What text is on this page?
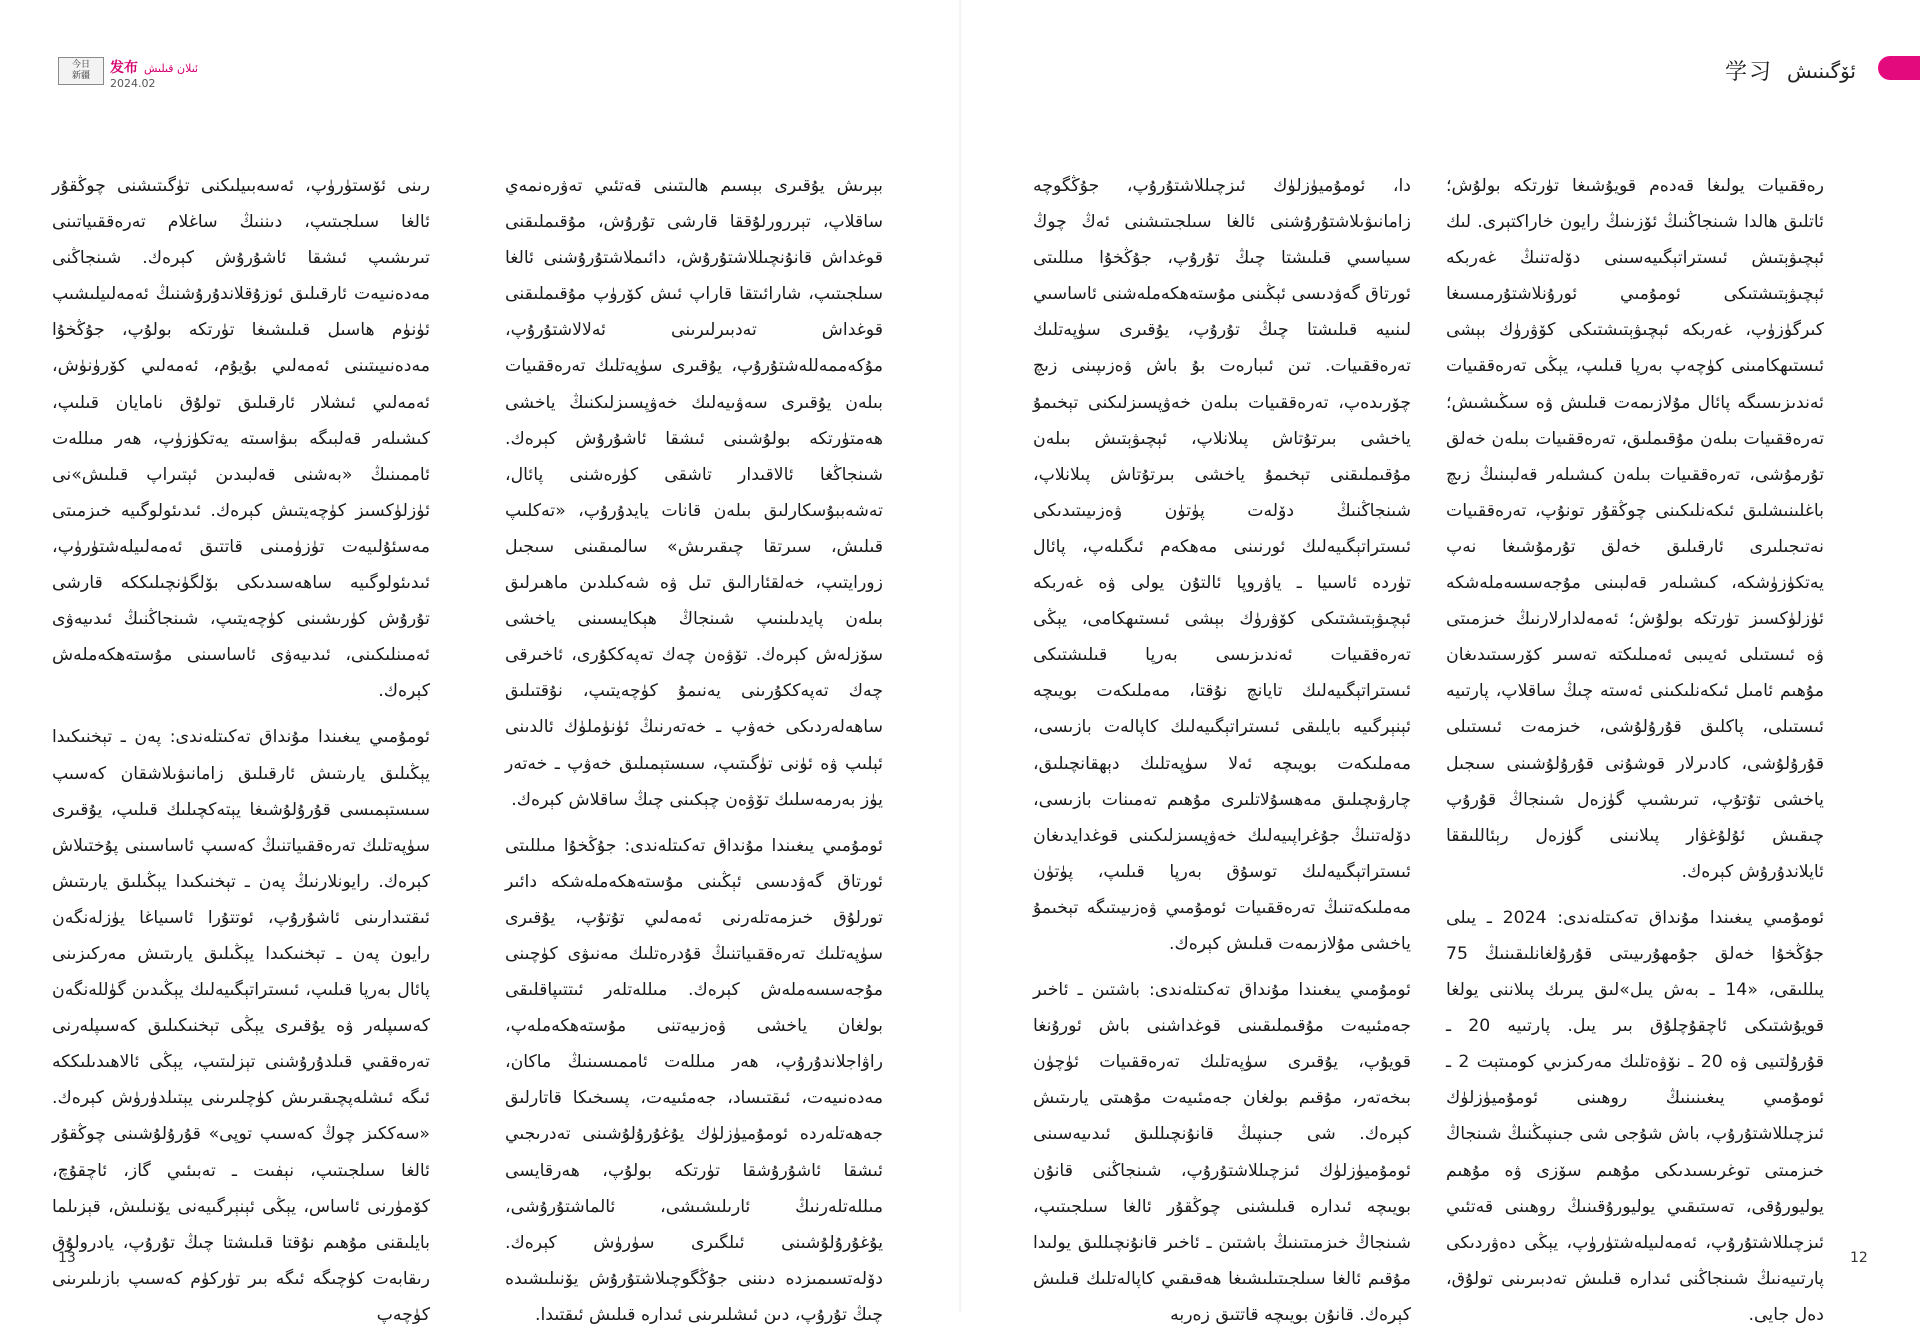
今日
新疆 发布 ئىلان قىلىش
2024.02

رىنى ئۆستۈرۈپ، ئەسەبىيلىكنى تۈگىتىشنى چوڭقۇر ئالغا سىلجىتىپ، دىننىڭ ساغلام تەرەققىياتىنى تىرىشىپ ئىشقا ئاشۇرۇش كېرەك. شىنجاڭنى مەدەنىيەت ئارقىلىق ئوزۇقلاندۇرۇشنىڭ ئەمەلىيلىشىپ ئۈنۈم ھاسىل قىلىشىغا تۈرتكە بولۇپ، جۇڭخۇا مەدەنىيىتىنى ئەمەلىي بۇيۇم، ئەمەلىي كۆرۈنۈش، ئەمەلىي ئىشلار ئارقىلىق تولۇق نامايان قىلىپ، كىشىلەر قەلبىگە بىۋاسىتە يەتكۈزۈپ، ھەر مىللەت ئاممىنىڭ «بەشنى قەلبىدىن ئېتىراپ قىلىش»نى ئۈزلۈكسىز كۈچەيتىش كېرەك. ئىدىئولوگىيە خىزمىتى مەسئۇلىيەت تۈزۈمىنى قاتتىق ئەمەلىيلەشتۈرۈپ، ئىدىئولوگىيە ساھەسىدىكى بۆلگۈنچىلىككە قارشى تۇرۇش كۈرىشىنى كۈچەيتىپ، شىنجاڭنىڭ ئىدىيەۋى ئەمىنلىكىنى، ئىدىيەۋى ئاساسىنى مۇستەھكەملەش كېرەك.

ئومۇمىي يىغىندا مۇنداق تەكىتلەندى: پەن ـ تېخنىكىدا يېڭىلىق يارىتىش ئارقىلىق زامانىۋىلاشقان كەسىپ سىستېمىسى قۇرۇلۇشىغا يېتەكچىلىك قىلىپ، يۇقىرى سۈپەتلىك تەرەققىياتنىڭ كەسىپ ئاساسىنى پۇختىلاش كېرەك. رايونلارنىڭ پەن ـ تېخنىكىدا يېڭىلىق يارىتىش ئىقتىدارىنى ئاشۇرۇپ، ئوتتۇرا ئاسىياغا يۈزلەنگەن رايون پەن ـ تېخنىكىدا يېڭىلىق يارىتىش مەركىزىنى پائال بەرپا قىلىپ، ئىستراتېگىيەلىك يېڭىدىن گۈللەنگەن كەسىپلەر ۋە يۇقىرى يېڭى تېخنىكىلىق كەسىپلەرنى تەرەققىي قىلدۇرۇشنى تېزلىتىپ، يېڭى ئالاھىدىلىككە ئىگە ئىشلەپچىقىرىش كۈچلىرىنى يېتىلدۈرۈش كېرەك. «سەككىز چوڭ كەسىپ توپى» قۇرۇلۇشىنى چوڭقۇر ئالغا سىلجىتىپ، نېفىت ـ تەبىئىي گاز، ئاچقۇچ، كۆمۈرنى ئاساس، يېڭى ئېنېرگىيەنى يۆنىلىش، قېزىلما بايلىقنى مۇھىم نۇقتا قىلىشتا چىڭ تۇرۇپ، يادرولۇق رىقابەت كۈچىگە ئىگە بىر تۈركۈم كەسىپ بازىلىرىنى كۈچەپ

بېرىش يۇقىرى بېسىم ھالىتىنى قەتئىي تەۋرەنمەي ساقلاپ، تېررورلۇققا قارشى تۇرۇش، مۇقىملىقنى قوغداش قانۇنچىللاشتۇرۇش، دائىملاشتۇرۇشنى ئالغا سىلجىتىپ، شارائىتقا قاراپ ئىش كۆرۈپ مۇقىملىقنى قوغداش تەدبىرلىرىنى ئەلالاشتۇرۇپ، مۇكەممەللەشتۇرۇپ، يۇقىرى سۈپەتلىك تەرەققىيات بىلەن يۇقىرى سەۋىيەلىك خەۋپسىزلىكنىڭ ياخشى ھەمتۈرتكە بولۇشىنى ئىشقا ئاشۇرۇش كېرەك. شىنجاڭغا ئالاقىدار تاشقى كۈرەشنى پائال، تەشەببۇسكارلىق بىلەن قانات يايدۇرۇپ، «تەكلىپ قىلىش، سىرتقا چىقىرىش» سالمىقىنى سىجىل زورايتىپ، خەلقئارالىق تىل ۋە شەكىلدىن ماھىرلىق بىلەن پايدىلىنىپ شىنجاڭ ھېكايىسىنى ياخشى سۆزلەش كېرەك. تۆۋەن چەك تەپەككۇرى، ئاخىرقى چەك تەپەككۇرىنى يەنىمۇ كۈچەيتىپ، نۇقتىلىق ساھەلەردىكى خەۋپ ـ خەتەرنىڭ ئۈنۈملۈك ئالدىنى ئېلىپ ۋە ئۈنى تۈگىتىپ، سىستېمىلىق خەۋپ ـ خەتەر يۈز بەرمەسلىك تۆۋەن چېكىنى چىڭ ساقلاش كېرەك.

ئومۇمىي يىغىندا مۇنداق تەكىتلەندى: جۇڭخۇا مىللىتى ئورتاق گەۋدىسى ئېڭىنى مۇستەھكەملەشكە دائىر تورلۇق خىزمەتلەرنى ئەمەلىي تۇتۇپ، يۇقىرى سۈپەتلىك تەرەققىياتنىڭ قۇدرەتلىك مەنىۋى كۈچىنى مۇجەسسەملەش كېرەك. مىللەتلەر ئىتتىپاقلىقى بولغان ياخشى ۋەزىيەتنى مۇستەھكەملەپ، راۋاجلاندۇرۇپ، ھەر مىللەت ئاممىسىنىڭ ماكان، مەدەنىيەت، ئىقتىساد، جەمئىيەت، پسىخىكا قاتارلىق جەھەتلەردە ئومۇميۈزلۈك يۇغۇرۇلۇشىنى تەدرىجىي ئىشقا ئاشۇرۇشقا تۈرتكە بولۇپ، ھەرقايسى مىللەتلەرنىڭ ئارىلىشىشى، ئالماشتۇرۇشى، يۇغۇرۇلۇشىنى ئىلگىرى سۈرۈش كېرەك. دۆلەتسىمىزدە دىننى جۇڭگوچىلاشتۇرۇش يۆنىلىشىدە چىڭ تۇرۇپ، دىن ئىشلىرىنى ئىدارە قىلىش ئىقتىدا.

13
学习 ئۆگىنىش

دا، ئومۇميۈزلۈك ئىزچىللاشتۇرۇپ، جۇڭگوچە زامانىۋىلاشتۇرۇشنى ئالغا سىلجىتىشنى ئەڭ چوڭ سىياسىي قىلىشتا چىڭ تۇرۇپ، جۇڭخۇا مىللىتى ئورتاق گەۋدىسى ئېڭىنى مۇستەھكەملەشنى ئاساسىي لىنىيە قىلىشتا چىڭ تۇرۇپ، يۇقىرى سۈپەتلىك تەرەققىيات. تىن ئىبارەت بۇ باش ۋەزىپىنى زىچ چۆرىدەپ، تەرەققىيات بىلەن خەۋپسىزلىكنى تېخىمۇ ياخشى بىرتۇتاش پىلانلاپ، ئېچىۋېتىش بىلەن مۇقىملىقنى تېخىمۇ ياخشى بىرتۇتاش پىلانلاپ، شىنجاڭنىڭ دۆلەت پۈتۈن ۋەزىيىتىدىكى ئىستراتېگىيەلىك ئورنىنى مەھكەم ئىگىلەپ، پائال تۈردە ئاسىيا ـ ياۋروپا ئالتۇن يولى ۋە غەربكە ئېچىۋېتىشتىكى كۆۋرۈك بېشى ئىستىھكامى، يېڭى تەرەققىيات ئەندىزىسى بەرپا قىلىشتىكى ئىستراتېگىيەلىك تايانچ نۇقتا، مەملىكەت بويىچە ئېنېرگىيە بايلىقى ئىستراتېگىيەلىك كاپالەت بازىسى، مەملىكەت بويىچە ئەلا سۈپەتلىك دېھقانچىلىق، چارۋىچىلىق مەھسۇلاتلىرى مۇھىم تەمىنات بازىسى، دۆلەتنىڭ جۇغراپىيەلىك خەۋپسىزلىكىنى قوغدايدىغان ئىستراتېگىيەلىك توسۇق بەرپا قىلىپ، پۈتۈن مەملىكەتنىڭ تەرەققىيات ئومۇمىي ۋەزىيىتىگە تېخىمۇ ياخشى مۇلازىمەت قىلىش كېرەك.

ئومۇمىي يىغىندا مۇنداق تەكىتلەندى: باشتىن ـ ئاخىر جەمئىيەت مۇقىملىقىنى قوغداشنى باش ئورۇنغا قويۇپ، يۇقىرى سۈپەتلىك تەرەققىيات ئۈچۈن بىخەتەر، مۇقىم بولغان جەمئىيەت مۇھىتى يارىتىش كېرەك. شى جىنپىڭ قانۇنچىللىق ئىدىيەسىنى ئومۇميۈزلۈك ئىزچىللاشتۇرۇپ، شىنجاڭنى قانۇن بويىچە ئىدارە قىلىشنى چوڭقۇر ئالغا سىلجىتىپ، شىنجاڭ خىزمىتىنىڭ باشتىن ـ ئاخىر قانۇنچىللىق يولىدا مۇقىم ئالغا سىلجىتىلىشىغا ھەقىقىي كاپالەتلىك قىلىش كېرەك. قانۇن بويىچە قاتتىق زەربە

رەققىيات يولىغا قەدەم قويۇشىغا تۈرتكە بولۇش؛ ئاتلىق ھالدا شىنجاڭنىڭ ئۆزىنىڭ رايون خاراكتېرى. لىك ئېچىۋېتىش ئىستراتېگىيەسىنى دۆلەتنىڭ غەربكە ئېچىۋېتىشتىكى ئومۇمىي ئورۇنلاشتۇرمىسىغا كىرگۈزۈپ، غەربكە ئېچىۋېتىشتىكى كۆۋرۈك بېشى ئىستىھكامىنى كۈچەپ بەرپا قىلىپ، يېڭى تەرەققىيات ئەندىزىسىگە پائال مۇلازىمەت قىلىش ۋە سىڭىشىش؛ تەرەققىيات بىلەن مۇقىملىق، تەرەققىيات بىلەن خەلق تۇرمۇشى، تەرەققىيات بىلەن كىشىلەر قەلبىنىڭ زىچ باغلىنىشلىق ئىكەنلىكىنى چوڭقۇر تونۇپ، تەرەققىيات نەتىجىلىرى ئارقىلىق خەلق تۇرمۇشىغا نەپ يەتكۈزۈشكە، كىشىلەر قەلبىنى مۇجەسسەملەشكە ئۈزلۈكسىز تۈرتكە بولۇش؛ ئەمەلدارلارنىڭ خىزمىتى ۋە ئىستىلى ئەيىبى ئەمىلىكتە تەسىر كۆرسىتىدىغان مۇھىم ئامىل ئىكەنلىكىنى ئەستە چىڭ ساقلاپ، پارتىيە ئىستىلى، پاكلىق قۇرۇلۇشى، خىزمەت ئىستىلى قۇرۇلۇشى، كادىرلار قوشۇنى قۇرۇلۇشىنى سىجىل ياخشى تۇتۇپ، تىرىشىپ گۈزەل شىنجاڭ قۇرۇپ چىقىش ئۇلۇغۋار پىلانىنى گۈزەل رېئاللىققا ئايلاندۇرۇش كېرەك.

ئومۇمىي يىغىندا مۇنداق تەكىتلەندى: 2024 ـ يىلى جۇڭخۇا خەلق جۇمھۇرىيىتى قۇرۇلغانلىقىنىڭ 75 يىللىقى، «14 ـ بەش يىل»لىق يىرىك پىلاننى يولغا قويۇشتىكى ئاچقۇچلۇق بىر يىل. پارتىيە 20 ـ قۇرۇلتىيى ۋە 20 ـ نۆۋەتلىك مەركىزىي كومىتېت 2 ـ ئومۇمىي يىغىنىنىڭ روھىنى ئومۇميۈزلۈك ئىزچىللاشتۇرۇپ، باش شۇجى شى جىنپىڭنىڭ شىنجاڭ خىزمىتى توغرىسىدىكى مۇھىم سۆزى ۋە مۇھىم يوليورۇقى، تەستىقىي يوليورۇقىنىڭ روھىنى قەتئىي ئىزچىللاشتۇرۇپ، ئەمەلىيلەشتۈرۈپ، يېڭى دەۋردىكى پارتىيەنىڭ شىنجاڭنى ئىدارە قىلىش تەدبىرىنى تولۇق، دەل جايى.

12
